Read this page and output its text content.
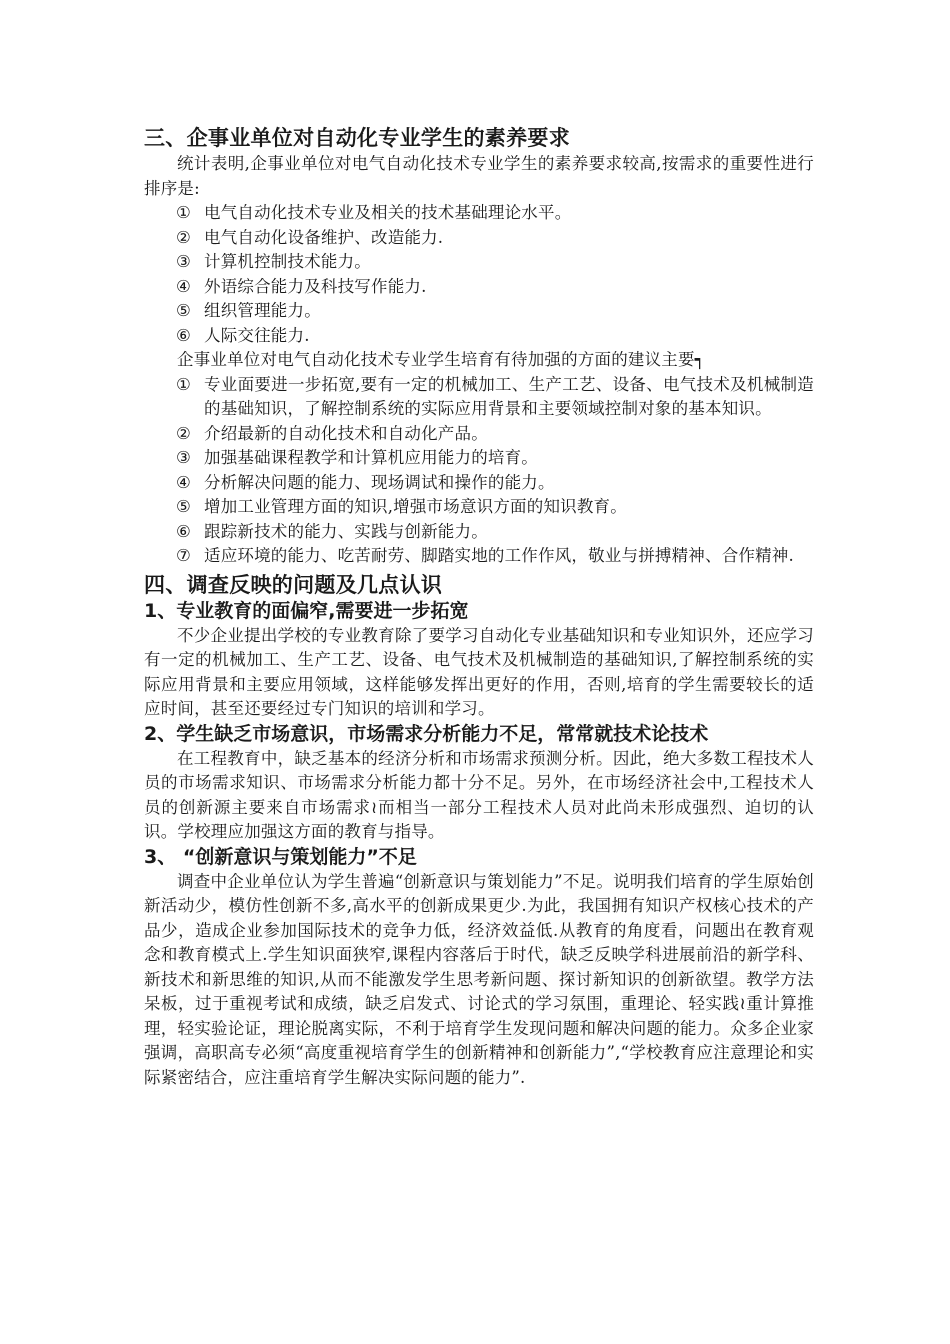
三、企事业单位对自动化专业学生的素养要求

统计表明,企事业单位对电气自动化技术专业学生的素养要求较高,按需求的重要性进行排序是:

① 电气自动化技术专业及相关的技术基础理论水平。
② 电气自动化设备维护、改造能力.
③ 计算机控制技术能力。
④ 外语综合能力及科技写作能力.
⑤ 组织管理能力。
⑥ 人际交往能力.

企事业单位对电气自动化技术专业学生培育有待加强的方面的建议主要┑

① 专业面要进一步拓宽,要有一定的机械加工、生产工艺、设备、电气技术及机械制造的基础知识，了解控制系统的实际应用背景和主要领域控制对象的基本知识。
② 介绍最新的自动化技术和自动化产品。
③ 加强基础课程教学和计算机应用能力的培育。
④ 分析解决问题的能力、现场调试和操作的能力。
⑤ 增加工业管理方面的知识,增强市场意识方面的知识教育。
⑥ 跟踪新技术的能力、实践与创新能力。
⑦ 适应环境的能力、吃苦耐劳、脚踏实地的工作作风，敬业与拼搏精神、合作精神.
四、调查反映的问题及几点认识
1、专业教育的面偏窄,需要进一步拓宽

不少企业提出学校的专业教育除了要学习自动化专业基础知识和专业知识外，还应学习有一定的机械加工、生产工艺、设备、电气技术及机械制造的基础知识,了解控制系统的实际应用背景和主要应用领域，这样能够发挥出更好的作用，否则,培育的学生需要较长的适应时间，甚至还要经过专门知识的培训和学习。

2、学生缺乏市场意识，市场需求分析能力不足，常常就技术论技术

在工程教育中，缺乏基本的经济分析和市场需求预测分析。因此，绝大多数工程技术人员的市场需求知识、市场需求分析能力都十分不足。另外，在市场经济社会中,工程技术人员的创新源主要来自市场需求≀而相当一部分工程技术人员对此尚未形成强烈、迫切的认识。学校理应加强这方面的教育与指导。

3、 “创新意识与策划能力”不足

调查中企业单位认为学生普遍“创新意识与策划能力”不足。说明我们培育的学生原始创新活动少，模仿性创新不多,高水平的创新成果更少.为此，我国拥有知识产权核心技术的产品少，造成企业参加国际技术的竞争力低，经济效益低.从教育的角度看，问题出在教育观念和教育模式上.学生知识面狭窄,课程内容落后于时代，缺乏反映学科进展前沿的新学科、新技术和新思维的知识,从而不能激发学生思考新问题、探讨新知识的创新欲望。教学方法呆板，过于重视考试和成绩，缺乏启发式、讨论式的学习氛围，重理论、轻实践≀重计算推理，轻实验论证，理论脱离实际，不利于培育学生发现问题和解决问题的能力。众多企业家强调，高职高专必须“高度重视培育学生的创新精神和创新能力”,“学校教育应注意理论和实际紧密结合，应注重培育学生解决实际问题的能力”.
